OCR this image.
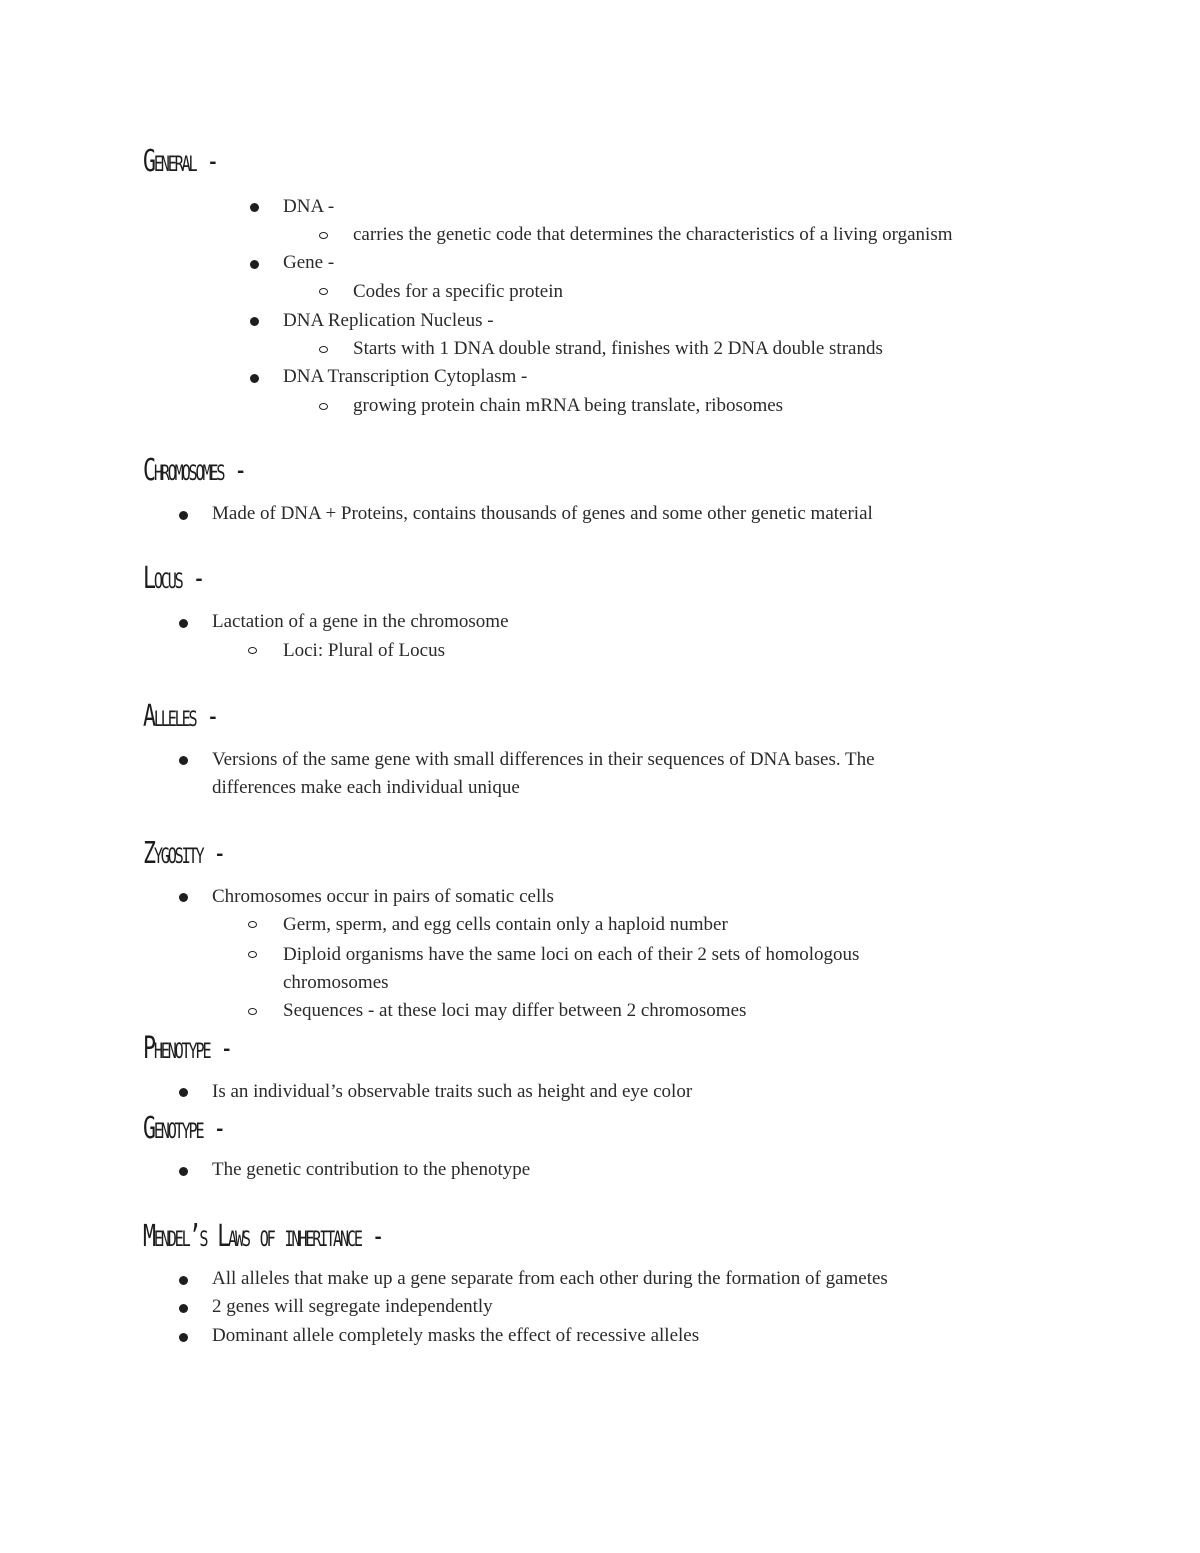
General -
DNA -
carries the genetic code that determines the characteristics of a living organism
Gene -
Codes for a specific protein
DNA Replication Nucleus -
Starts with 1 DNA double strand, finishes with 2 DNA double strands
DNA Transcription Cytoplasm -
growing protein chain mRNA being translate, ribosomes
Chromosomes -
Made of DNA + Proteins, contains thousands of genes and some other genetic material
Locus -
Lactation of a gene in the chromosome
Loci: Plural of Locus
Alleles -
Versions of the same gene with small differences in their sequences of DNA bases. The
differences make each individual unique
Zygosity -
Chromosomes occur in pairs of somatic cells
Germ, sperm, and egg cells contain only a haploid number
Diploid organisms have the same loci on each of their 2 sets of homologous
chromosomes
Sequences - at these loci may differ between 2 chromosomes
Phenotype -
Is an individual’s observable traits such as height and eye color
Genotype -
The genetic contribution to the phenotype
Mendel’s Laws of inheritance -
All alleles that make up a gene separate from each other during the formation of gametes
2 genes will segregate independently
Dominant allele completely masks the effect of recessive alleles
